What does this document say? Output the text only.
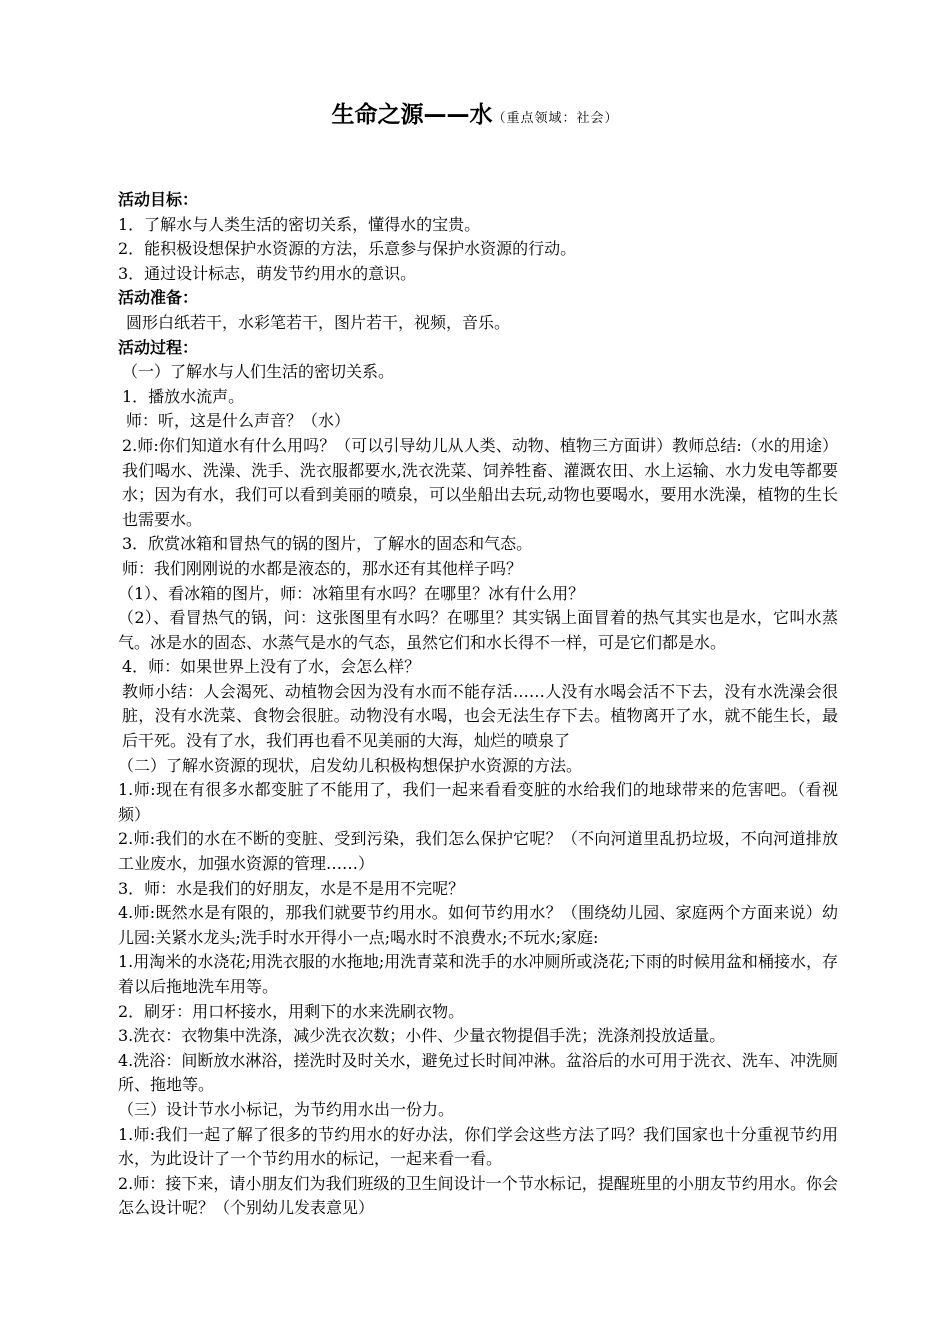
生命之源——水（重点领域：社会）
活动目标：
1．了解水与人类生活的密切关系，懂得水的宝贵。
2．能积极设想保护水资源的方法，乐意参与保护水资源的行动。
3．通过设计标志，萌发节约用水的意识。
活动准备：
圆形白纸若干，水彩笔若干，图片若干，视频，音乐。
活动过程：
（一）了解水与人们生活的密切关系。
1．播放水流声。
师：听，这是什么声音？（水）
2.师:你们知道水有什么用吗？（可以引导幼儿从人类、动物、植物三方面讲）教师总结:（水的用途）我们喝水、洗澡、洗手、洗衣服都要水,洗衣洗菜、饲养牲畜、灌溉农田、水上运输、水力发电等都要水；因为有水，我们可以看到美丽的喷泉，可以坐船出去玩,动物也要喝水，要用水洗澡，植物的生长也需要水。
3．欣赏冰箱和冒热气的锅的图片，了解水的固态和气态。
师：我们刚刚说的水都是液态的，那水还有其他样子吗？
（1）、看冰箱的图片，师：冰箱里有水吗？在哪里？冰有什么用？
（2）、看冒热气的锅，问：这张图里有水吗？在哪里？其实锅上面冒着的热气其实也是水，它叫水蒸气。冰是水的固态、水蒸气是水的气态，虽然它们和水长得不一样，可是它们都是水。
4．师：如果世界上没有了水，会怎么样？
教师小结：人会渴死、动植物会因为没有水而不能存活……人没有水喝会活不下去，没有水洗澡会很脏，没有水洗菜、食物会很脏。动物没有水喝，也会无法生存下去。植物离开了水，就不能生长，最后干死。没有了水，我们再也看不见美丽的大海，灿烂的喷泉了
（二）了解水资源的现状，启发幼儿积极构想保护水资源的方法。
1.师:现在有很多水都变脏了不能用了，我们一起来看看变脏的水给我们的地球带来的危害吧。（看视频）
2.师:我们的水在不断的变脏、受到污染，我们怎么保护它呢？（不向河道里乱扔垃圾，不向河道排放工业废水，加强水资源的管理……）
3．师：水是我们的好朋友，水是不是用不完呢？
4.师:既然水是有限的，那我们就要节约用水。如何节约用水？（围绕幼儿园、家庭两个方面来说）幼儿园:关紧水龙头;洗手时水开得小一点;喝水时不浪费水;不玩水;家庭:
1.用淘米的水浇花;用洗衣服的水拖地;用洗青菜和洗手的水冲厕所或浇花;下雨的时候用盆和桶接水，存着以后拖地洗车用等。
2．刷牙：用口杯接水，用剩下的水来洗刷衣物。
3.洗衣：衣物集中洗涤，减少洗衣次数；小件、少量衣物提倡手洗；洗涤剂投放适量。
4.洗浴：间断放水淋浴，搓洗时及时关水，避免过长时间冲淋。盆浴后的水可用于洗衣、洗车、冲洗厕所、拖地等。
（三）设计节水小标记，为节约用水出一份力。
1.师:我们一起了解了很多的节约用水的好办法，你们学会这些方法了吗？我们国家也十分重视节约用水，为此设计了一个节约用水的标记，一起来看一看。
2.师：接下来，请小朋友们为我们班级的卫生间设计一个节水标记，提醒班里的小朋友节约用水。你会怎么设计呢？（个别幼儿发表意见）
